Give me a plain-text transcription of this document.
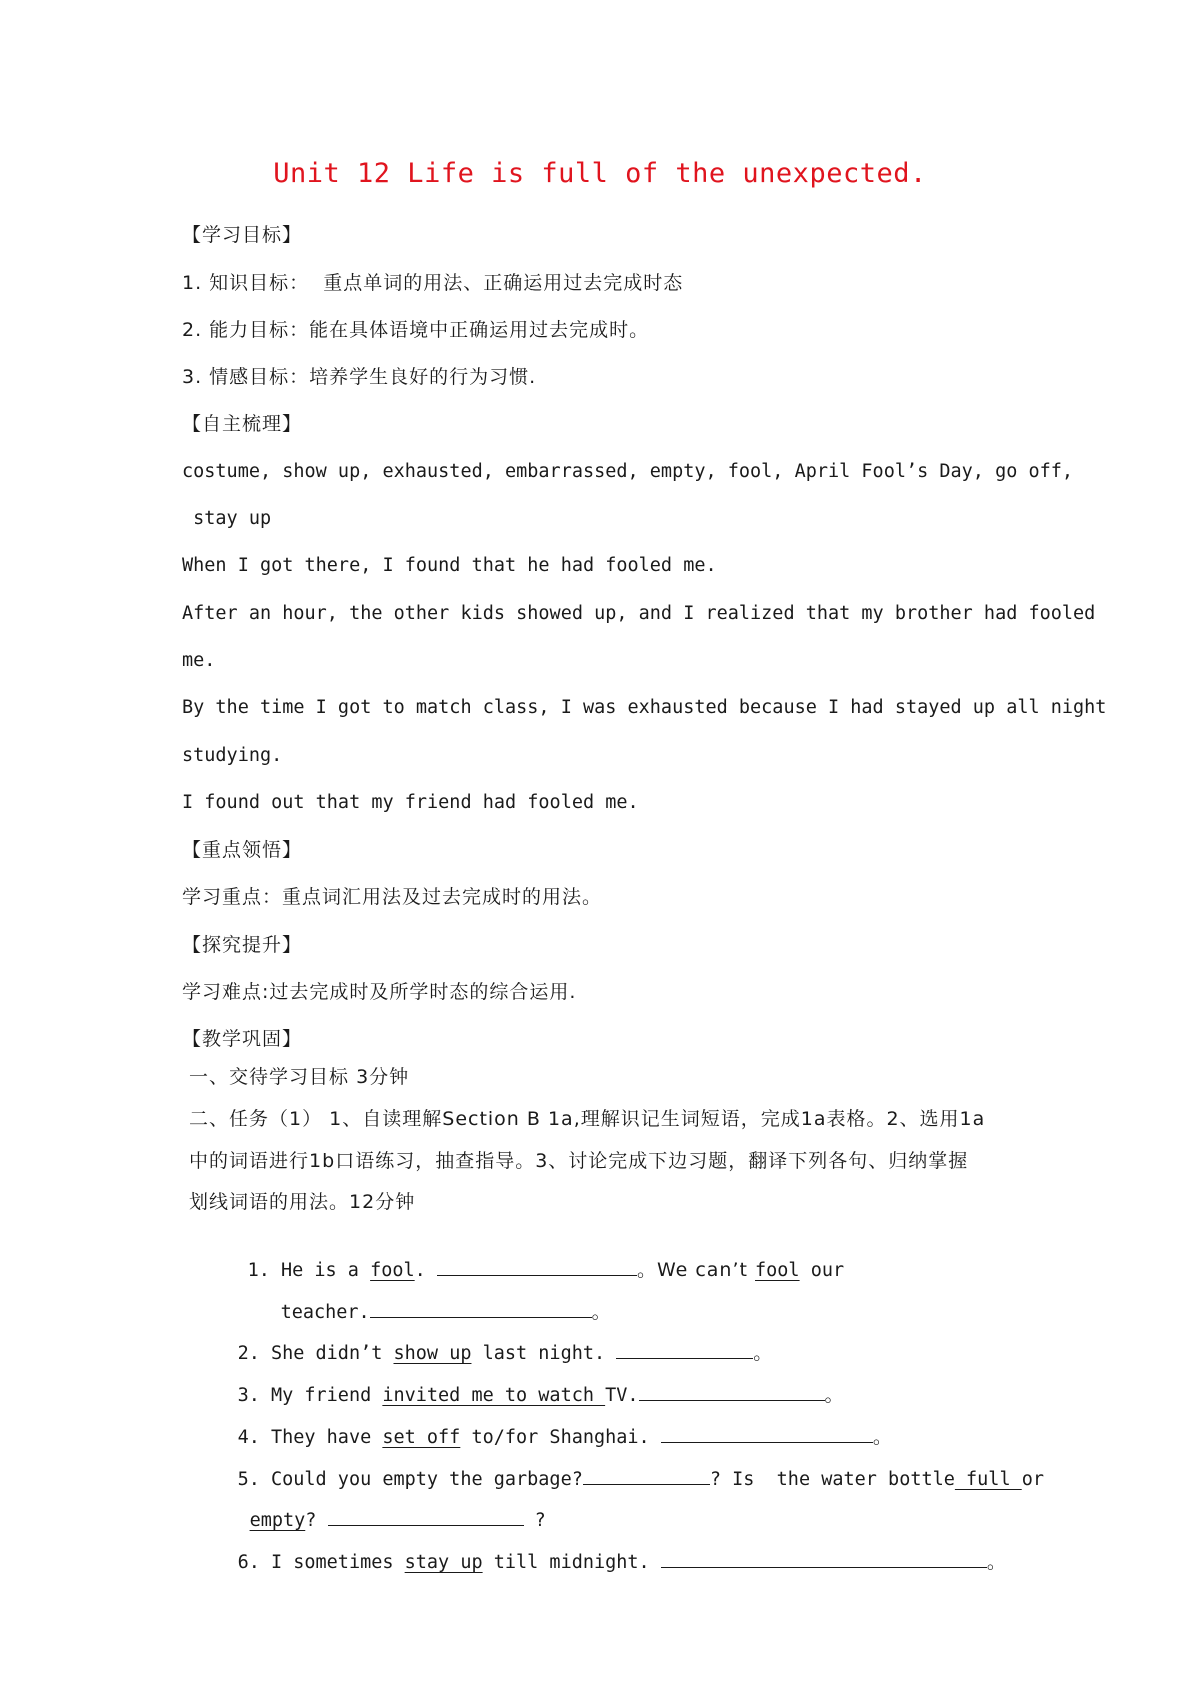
Unit 12 Life is full of the unexpected.
【学习目标】
1. 知识目标：  重点单词的用法、正确运用过去完成时态
2. 能力目标：能在具体语境中正确运用过去完成时。
3. 情感目标：培养学生良好的行为习惯.
【自主梳理】
costume, show up, exhausted, embarrassed, empty, fool, April Fool’s Day, go off,
stay up
When I got there, I found that he had fooled me.
After an hour, the other kids showed up, and I realized that my brother had fooled
me.
By the time I got to match class, I was exhausted because I had stayed up all night
studying.
I found out that my friend had fooled me.
【重点领悟】
学习重点：重点词汇用法及过去完成时的用法。
【探究提升】
学习难点:过去完成时及所学时态的综合运用.
【教学巩固】
一、交待学习目标 3分钟
二、任务（1） 1、自读理解Section B 1a,理解识记生词短语，完成1a表格。2、选用1a
中的词语进行1b口语练习，抽查指导。3、讨论完成下边习题，翻译下列各句、归纳掌握
划线词语的用法。12分钟

1. He is a fool.	。We can’t fool our

teacher.	。

2. She didn’t show up last night.	。

3. My friend invited me to watch TV.	。

4. They have set off to/for Shanghai.	。

5. Could you empty the garbage?	? Is  the water bottle full or

empty?	?

6. I sometimes stay up till midnight.	。
